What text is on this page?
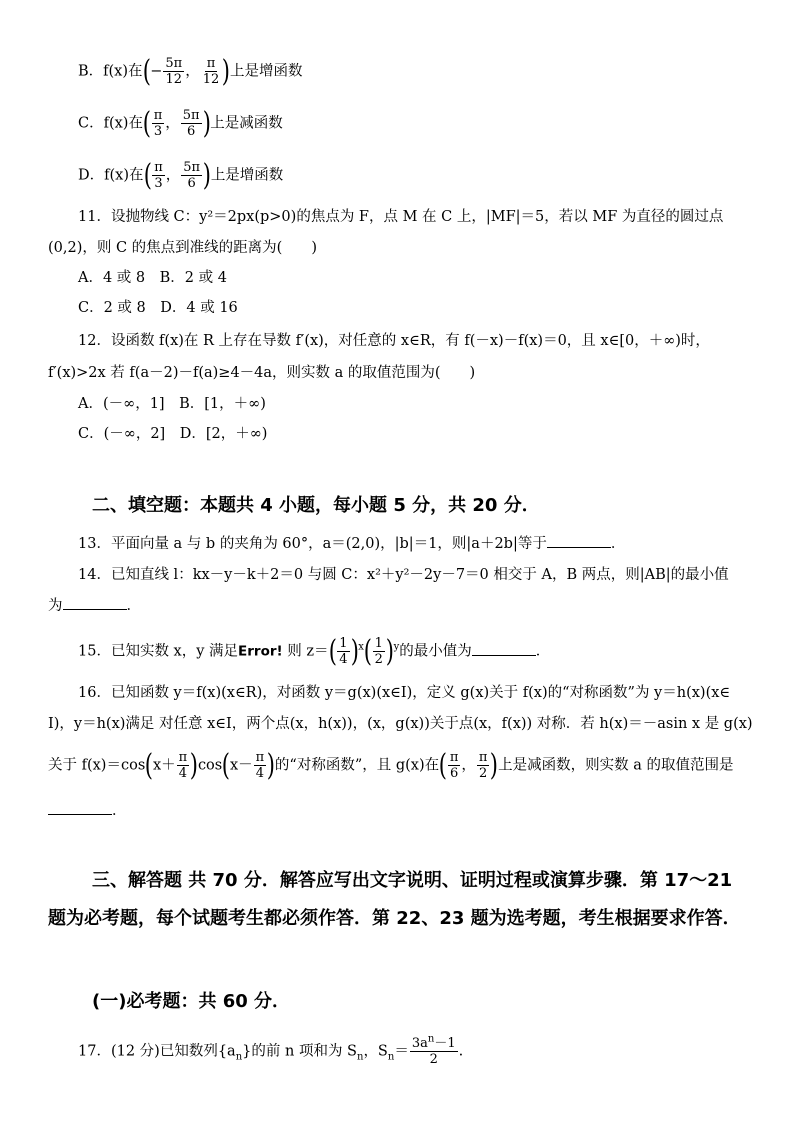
B．f(x)在(− $\frac{5\pi}{12}$ ， $\frac{\pi}{12}$ )上是增函数
C．f(x)在( $\frac{\pi}{3}$ ， $\frac{5\pi}{6}$ )上是减函数
D．f(x)在( $\frac{\pi}{3}$ ， $\frac{5\pi}{6}$ )上是增函数
11．设抛物线 C：y²＝2px(p>0)的焦点为 F，点 M 在 C 上，|MF|＝5，若以 MF 为直径的圆过点
(0,2)，则 C 的焦点到准线的距离为(　　)
A．4 或 8　B．2 或 4
C．2 或 8　D．4 或 16
12．设函数 f(x)在 R 上存在导数 f′(x)，对任意的 x∈R，有 f(－x)－f(x)＝0，且 x∈[0，＋∞)时，
f′(x)>2x 若 f(a－2)－f(a)≥4－4a，则实数 a 的取值范围为(　　)
A．(－∞，1]　B．[1，＋∞)
C．(－∞，2]　D．[2，＋∞)
二、填空题：本题共 4 小题，每小题 5 分，共 20 分．
13．平面向量 a 与 b 的夹角为 60°，a＝(2,0)，|b|＝1，则|a＋2b|等于	．
14．已知直线 l：kx－y－k＋2＝0 与圆 C：x²＋y²－2y－7＝0 相交于 A，B 两点，则|AB|的最小值
为	．
15．已知实数 x，y 满足Error! 则 $z=( \frac{1}{4} )^x( \frac{1}{2} )^y$的最小值为	．
16．已知函数 y＝f(x)(x∈R)，对函数 y＝g(x)(x∈I)，定义 g(x)关于 f(x)的“对称函数”为 y＝h(x)(x∈
I)，y＝h(x)满足 对任意 x∈I，两个点(x，h(x))，(x，g(x))关于点(x，f(x)) 对称．若 h(x)＝－asin x 是 g(x)
关于 $f(x)=\cos(x+ \frac{\pi}{4} )\cos(x- \frac{\pi}{4}$ )的“对称函数”，且 g(x)在( $\frac{\pi}{6}$ ， $\frac{\pi}{2}$ )上是减函数，则实数 a 的取值范围是
．
三、解答题 共 70 分．解答应写出文字说明、证明过程或演算步骤．第 17～21 题为必考题，每个试题考生都必须作答．第 22、23 题为选考题，考生根据要求作答．
(一)必考题：共 60 分．
17．(12 分)已知数列$\{a_n\}$的前 n 项和为 $S_n$，$S_n= \frac{3a^n-1}{2}$ .
